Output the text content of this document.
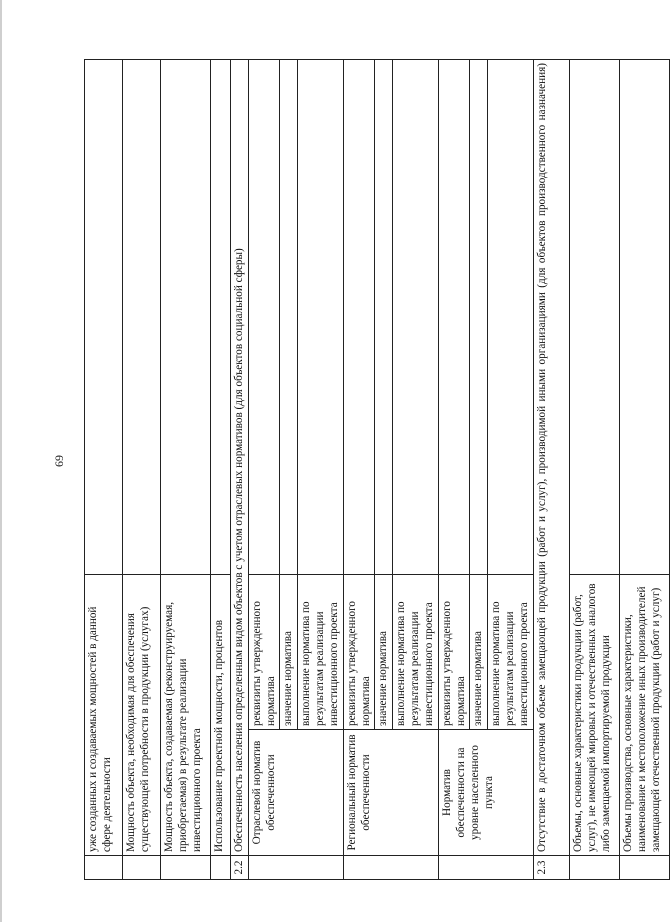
69
	уже созданных и создаваемых мощностей в данной сфере деятельности		
	Мощность объекта, необходимая для обеспечения существующей потребности в продукции (услугах)		
	Мощность объекта, создаваемая (реконструируемая, приобретаемая) в результате реализации инвестиционного проекта		
	Использование проектной мощности, процентов		
2.2	Обеспеченность населения определенным видом объектов с учетом отраслевых нормативов (для объектов социальной сферы)		
	Отраслевой норматив обеспеченности	реквизиты утвержденного норматива	
		значение норматива	
		выполнение норматива по результатам реализации инвестиционного проекта	
	Региональный норматив обеспеченности	реквизиты утвержденного норматива	
		значение норматива	
		выполнение норматива по результатам реализации инвестиционного проекта	
	Норматив обеспеченности на уровне населенного пункта	реквизиты утвержденного норматива	
		значение норматива	
		выполнение норматива по результатам реализации инвестиционного проекта	
2.3	Отсутствие в достаточном объеме замещающей продукции (работ и услуг), производимой иными организациями (для объектов производственного назначения)		
	Объемы, основные характеристики продукции (работ, услуг), не имеющей мировых и отечественных аналогов либо замещаемой импортируемой продукции		
	Объемы производства, основные характеристики, наименование и местоположение иных производителей замещающей отечественной продукции (работ и услуг)		
